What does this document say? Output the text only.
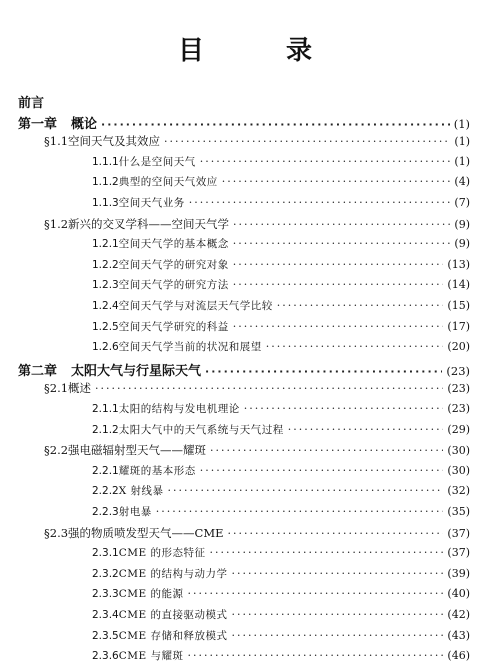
目　录
前言
第一章 概论 ·····	(1)
§1.1 空间天气及其效应 ·····	(1)
1.1.1 什么是空间天气 ·····	(1)
1.1.2 典型的空间天气效应 ·····	(4)
1.1.3 空间天气业务 ·····	(7)
§1.2 新兴的交叉学科——空间天气学 ·····	(9)
1.2.1 空间天气学的基本概念 ·····	(9)
1.2.2 空间天气学的研究对象 ·····	(13)
1.2.3 空间天气学的研究方法 ·····	(14)
1.2.4 空间天气学与对流层天气学比较 ·····	(15)
1.2.5 空间天气学研究的科益 ·····	(17)
1.2.6 空间天气学当前的状况和展望 ·····	(20)
第二章 太阳大气与行星际天气 ·····	(23)
§2.1 概述 ·····	(23)
2.1.1 太阳的结构与发电机理论 ·····	(23)
2.1.2 太阳大气中的天气系统与天气过程 ·····	(29)
§2.2 强电磁辐射型天气——耀斑 ·····	(30)
2.2.1 耀斑的基本形态 ·····	(30)
2.2.2 X 射线暴 ·····	(32)
2.2.3 射电暴 ·····	(35)
§2.3 强的物质喷发型天气——CME ·····	(37)
2.3.1 CME 的形态特征 ·····	(37)
2.3.2 CME 的结构与动力学 ·····	(39)
2.3.3 CME 的能源 ·····	(40)
2.3.4 CME 的直接驱动模式 ·····	(42)
2.3.5 CME 存储和释放模式 ·····	(43)
2.3.6 CME 与耀斑 ·····	(46)
